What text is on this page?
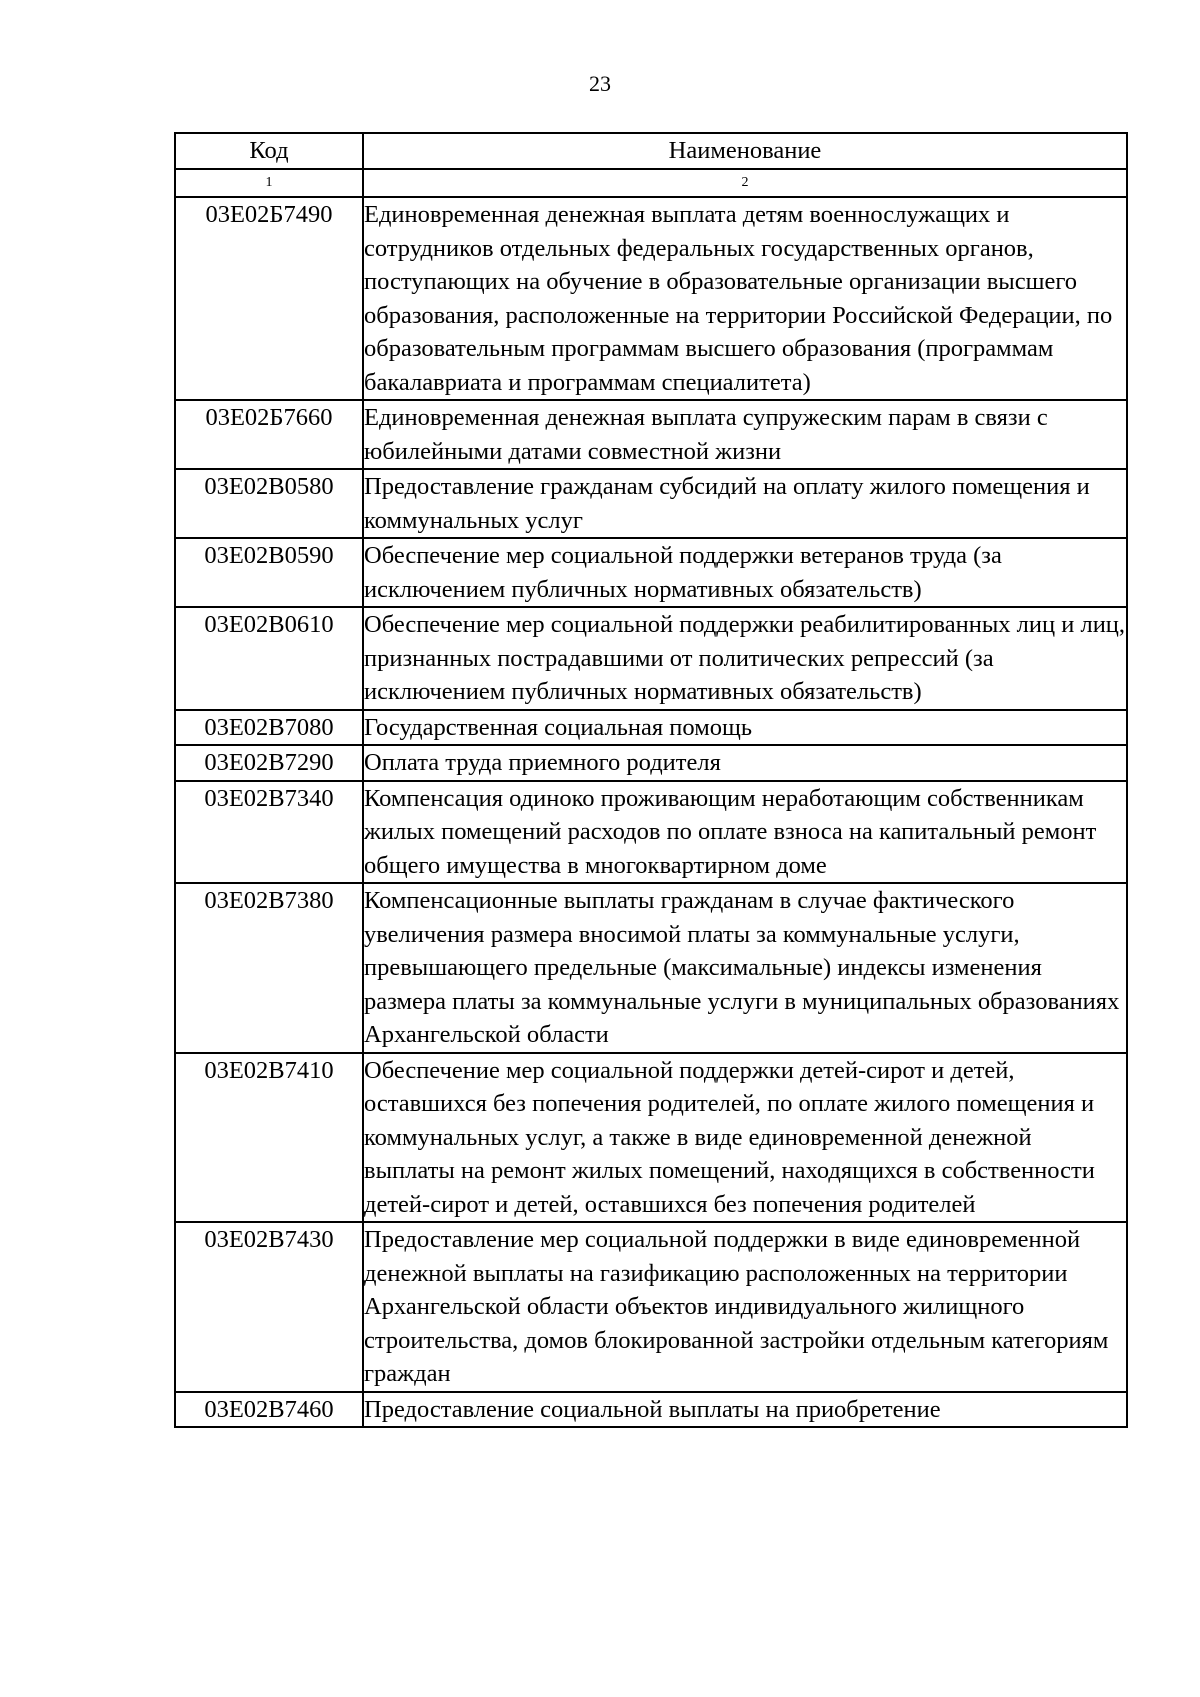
23
Код	Наименование
1	2
03Е02Б7490	Единовременная денежная выплата детям военнослужащих и сотрудников отдельных федеральных государственных органов, поступающих на обучение в образовательные организации высшего образования, расположенные на территории Российской Федерации, по образовательным программам высшего образования (программам бакалавриата и программам специалитета)
03Е02Б7660	Единовременная денежная выплата супружеским парам в связи с юбилейными датами совместной жизни
03Е02В0580	Предоставление гражданам субсидий на оплату жилого помещения и коммунальных услуг
03Е02В0590	Обеспечение мер социальной поддержки ветеранов труда (за исключением публичных нормативных обязательств)
03Е02В0610	Обеспечение мер социальной поддержки реабилитированных лиц и лиц, признанных пострадавшими от политических репрессий (за исключением публичных нормативных обязательств)
03Е02В7080	Государственная социальная помощь
03Е02В7290	Оплата труда приемного родителя
03Е02В7340	Компенсация одиноко проживающим неработающим собственникам жилых помещений расходов по оплате взноса на капитальный ремонт общего имущества в многоквартирном доме
03Е02В7380	Компенсационные выплаты гражданам в случае фактического увеличения размера вносимой платы за коммунальные услуги, превышающего предельные (максимальные) индексы изменения размера платы за коммунальные услуги в муниципальных образованиях Архангельской области
03Е02В7410	Обеспечение мер социальной поддержки детей-сирот и детей, оставшихся без попечения родителей, по оплате жилого помещения и коммунальных услуг, а также в виде единовременной денежной выплаты на ремонт жилых помещений, находящихся в собственности детей-сирот и детей, оставшихся без попечения родителей
03Е02В7430	Предоставление мер социальной поддержки в виде единовременной денежной выплаты на газификацию расположенных на территории Архангельской области объектов индивидуального жилищного строительства, домов блокированной застройки отдельным категориям граждан
03Е02В7460	Предоставление социальной выплаты на приобретение
